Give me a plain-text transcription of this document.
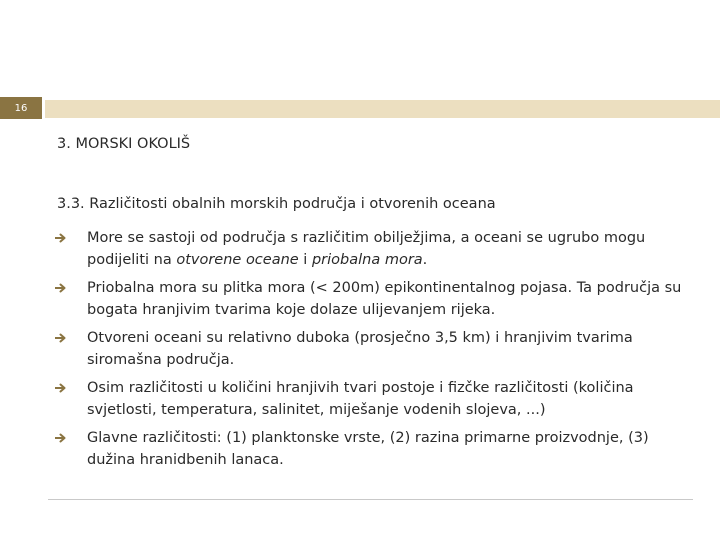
16
3. MORSKI OKOLIŠ
3.3. Različitosti obalnih morskih područja i otvorenih oceana
More se sastoji od područja s različitim obilježjima, a oceani se ugrubo mogu podijeliti na otvorene oceane i priobalna mora.
Priobalna mora su plitka mora (< 200m) epikontinentalnog pojasa. Ta područja su bogata hranjivim tvarima koje dolaze ulijevanjem rijeka.
Otvoreni oceani su relativno duboka (prosječno 3,5 km) i hranjivim tvarima siromašna područja.
Osim različitosti u količini hranjivih tvari postoje i fizčke različitosti (količina svjetlosti, temperatura, salinitet, miješanje vodenih slojeva, ...)
Glavne različitosti: (1) planktonske vrste, (2) razina primarne proizvodnje, (3) dužina hranidbenih lanaca.
